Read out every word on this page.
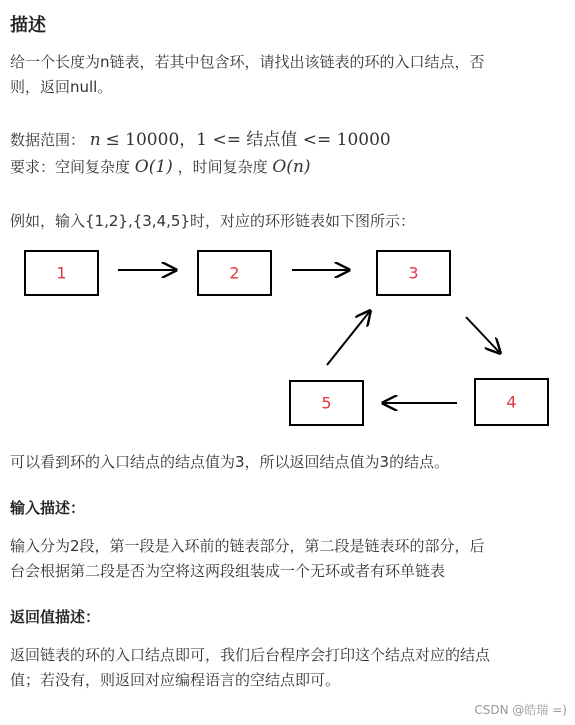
描述
给一个长度为n链表，若其中包含环，请找出该链表的环的入口结点，否
则，返回null。
数据范围： n ≤ 10000，1 <= 结点值 <= 10000
要求：空间复杂度 O(1) ，时间复杂度 O(n)
例如，输入{1,2},{3,4,5}时，对应的环形链表如下图所示：
1	2	3
4
5
可以看到环的入口结点的结点值为3，所以返回结点值为3的结点。
输入描述：
输入分为2段，第一段是入环前的链表部分，第二段是链表环的部分，后
台会根据第二段是否为空将这两段组装成一个无环或者有环单链表
返回值描述：
返回链表的环的入口结点即可，我们后台程序会打印这个结点对应的结点
值；若没有，则返回对应编程语言的空结点即可。
CSDN @皓瑞 =)
